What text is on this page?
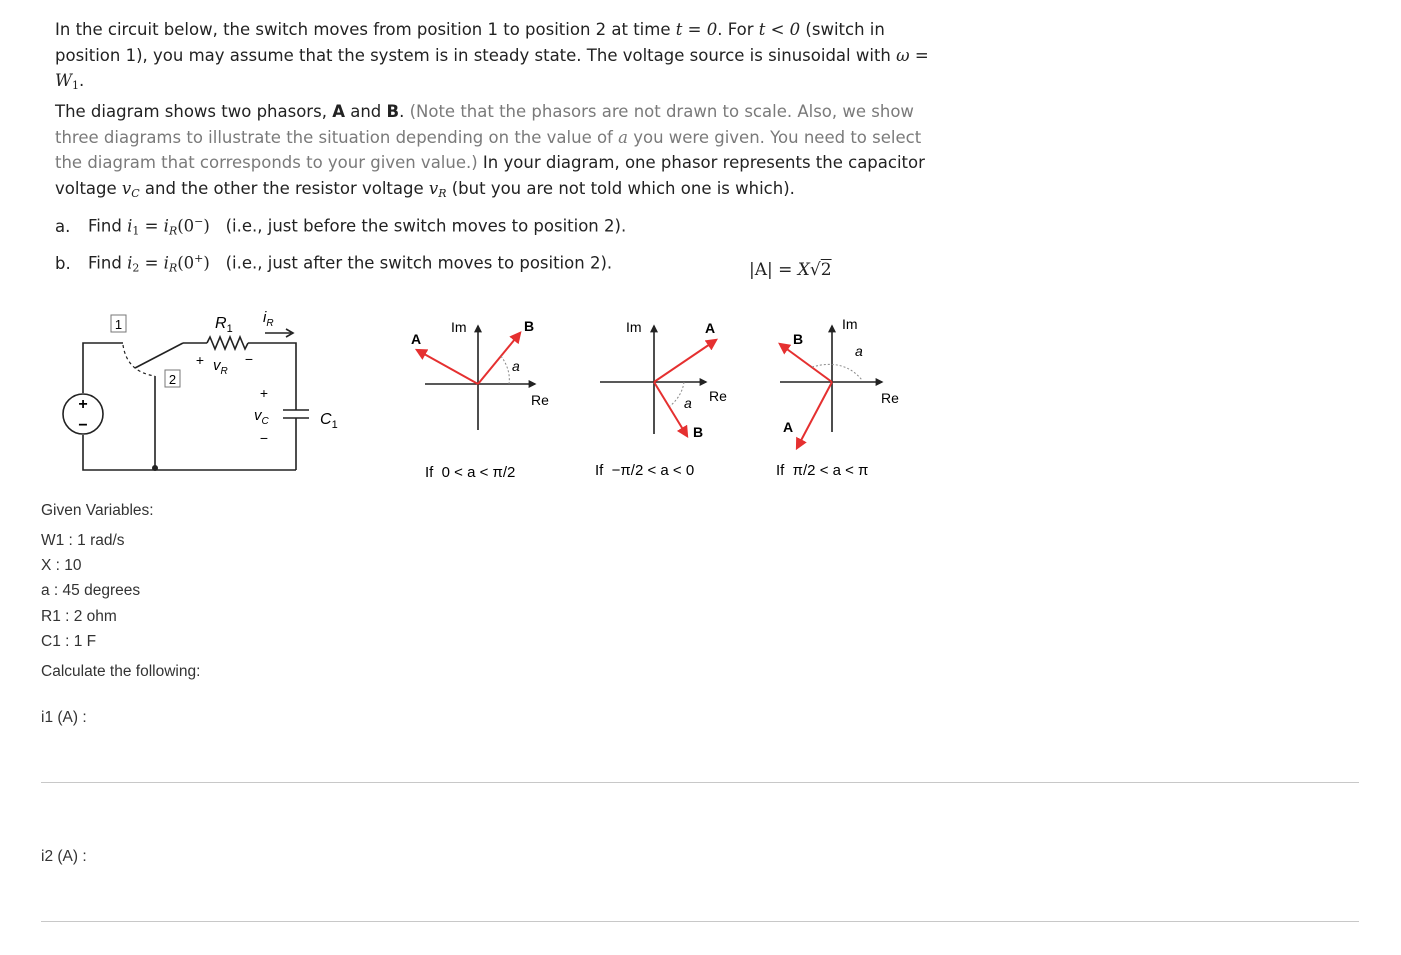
In the circuit below, the switch moves from position 1 to position 2 at time t = 0. For t < 0 (switch in position 1), you may assume that the system is in steady state. The voltage source is sinusoidal with $\omega = W_1$.
The diagram shows two phasors, A and B. (Note that the phasors are not drawn to scale. Also, we show three diagrams to illustrate the situation depending on the value of a you were given. You need to select the diagram that corresponds to your given value.) In your diagram, one phasor represents the capacitor voltage $v_C$ and the other the resistor voltage $v_R$ (but you are not told which one is which).
a. Find $i_1 = i_R(0^-)$ (i.e., just before the switch moves to position 2).
b. Find $i_2 = i_R(0^+)$ (i.e., just after the switch moves to position 2).	|A| = X√2
+
−
1
2
$R_1$
$i_R$
+ $v_R$
−
+
$v_C$
−
$C_1$
Im
Re
A
B
a
If  0 < a < π/2
Im
Re
A
B
a
If  −π/2 < a < 0
Im
Re
A
B
a
If  π/2 < a < π
Given Variables:
W1 : 1 rad/s
X : 10
a : 45 degrees
R1 : 2 ohm
C1 : 1 F
Calculate the following:
i1 (A) :
i2 (A) :
